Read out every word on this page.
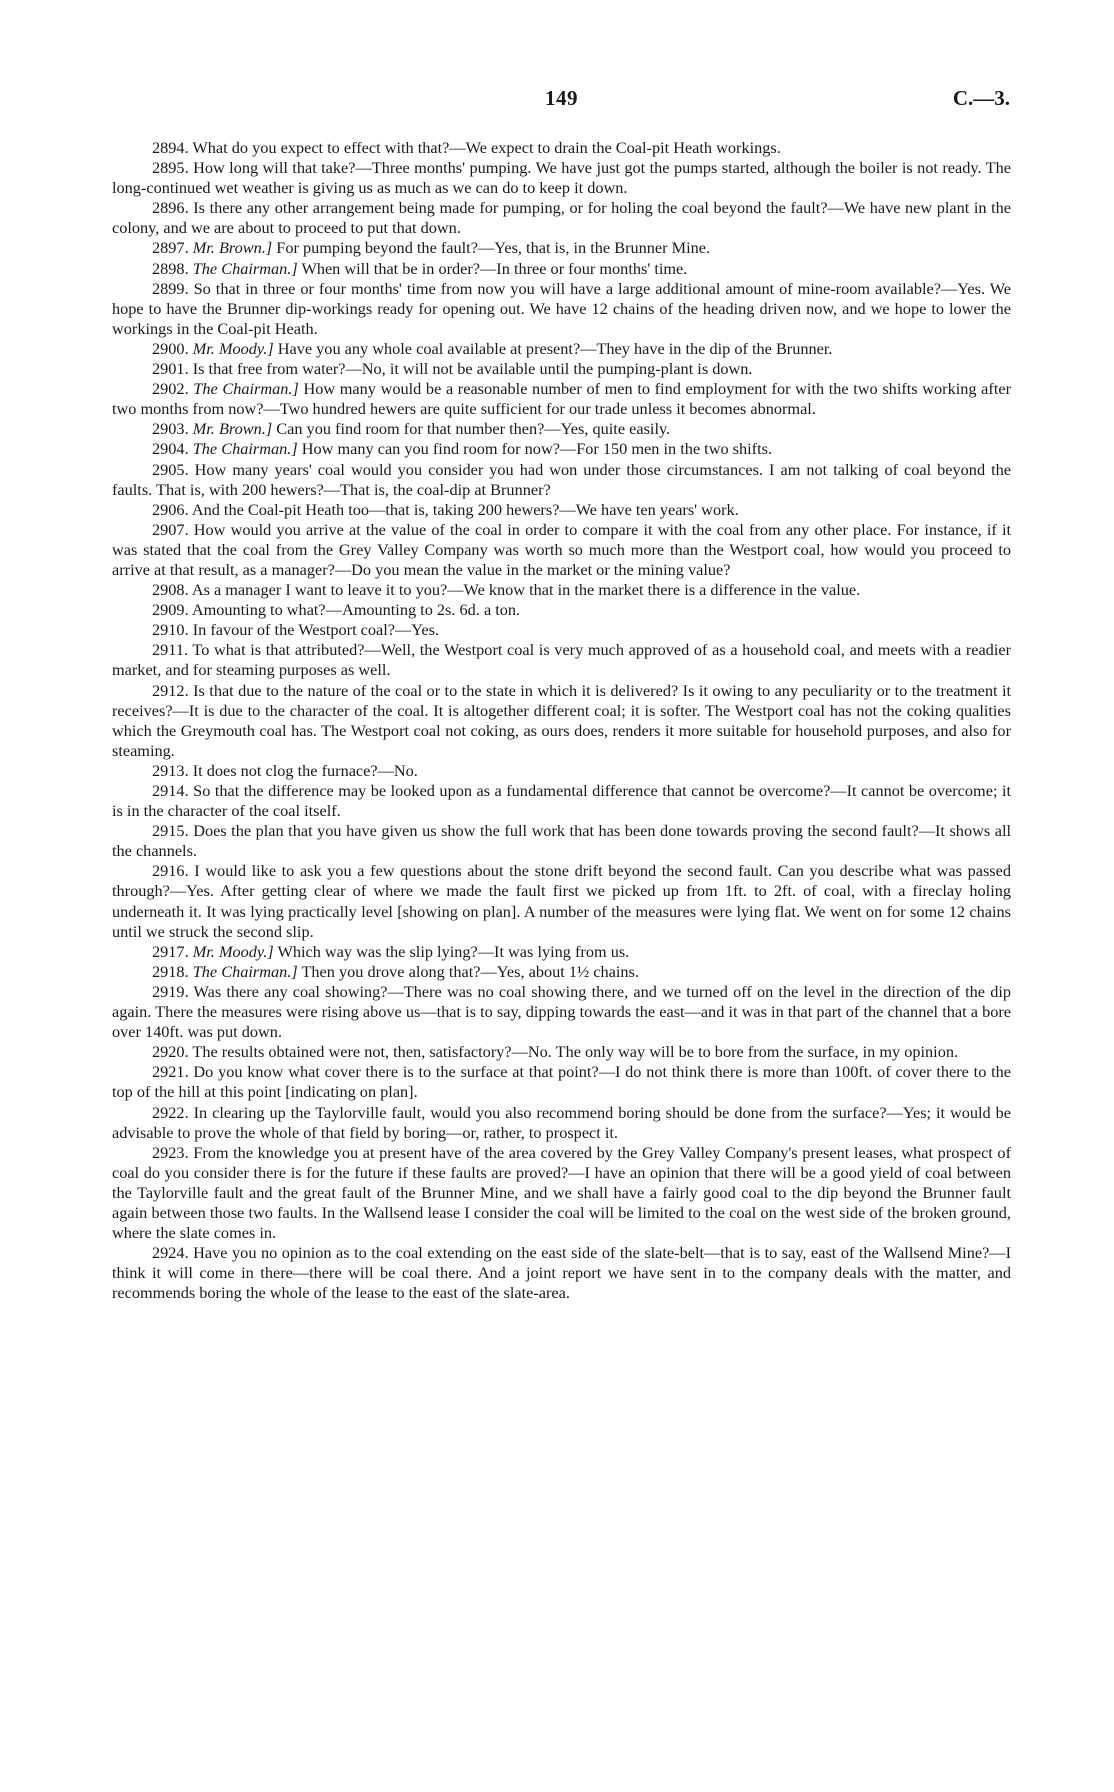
149	C.—3.

2894. What do you expect to effect with that?—We expect to drain the Coal-pit Heath workings.

2895. How long will that take?—Three months' pumping. We have just got the pumps started, although the boiler is not ready. The long-continued wet weather is giving us as much as we can do to keep it down.

2896. Is there any other arrangement being made for pumping, or for holing the coal beyond the fault?—We have new plant in the colony, and we are about to proceed to put that down.

2897. Mr. Brown.] For pumping beyond the fault?—Yes, that is, in the Brunner Mine.

2898. The Chairman.] When will that be in order?—In three or four months' time.

2899. So that in three or four months' time from now you will have a large additional amount of mine-room available?—Yes. We hope to have the Brunner dip-workings ready for opening out. We have 12 chains of the heading driven now, and we hope to lower the workings in the Coal-pit Heath.

2900. Mr. Moody.] Have you any whole coal available at present?—They have in the dip of the Brunner.

2901. Is that free from water?—No, it will not be available until the pumping-plant is down.

2902. The Chairman.] How many would be a reasonable number of men to find employment for with the two shifts working after two months from now?—Two hundred hewers are quite sufficient for our trade unless it becomes abnormal.

2903. Mr. Brown.] Can you find room for that number then?—Yes, quite easily.

2904. The Chairman.] How many can you find room for now?—For 150 men in the two shifts.

2905. How many years' coal would you consider you had won under those circumstances. I am not talking of coal beyond the faults. That is, with 200 hewers?—That is, the coal-dip at Brunner?

2906. And the Coal-pit Heath too—that is, taking 200 hewers?—We have ten years' work.

2907. How would you arrive at the value of the coal in order to compare it with the coal from any other place. For instance, if it was stated that the coal from the Grey Valley Company was worth so much more than the Westport coal, how would you proceed to arrive at that result, as a manager?—Do you mean the value in the market or the mining value?

2908. As a manager I want to leave it to you?—We know that in the market there is a difference in the value.

2909. Amounting to what?—Amounting to 2s. 6d. a ton.

2910. In favour of the Westport coal?—Yes.

2911. To what is that attributed?—Well, the Westport coal is very much approved of as a household coal, and meets with a readier market, and for steaming purposes as well.

2912. Is that due to the nature of the coal or to the state in which it is delivered? Is it owing to any peculiarity or to the treatment it receives?—It is due to the character of the coal. It is altogether different coal; it is softer. The Westport coal has not the coking qualities which the Greymouth coal has. The Westport coal not coking, as ours does, renders it more suitable for household purposes, and also for steaming.

2913. It does not clog the furnace?—No.

2914. So that the difference may be looked upon as a fundamental difference that cannot be overcome?—It cannot be overcome; it is in the character of the coal itself.

2915. Does the plan that you have given us show the full work that has been done towards proving the second fault?—It shows all the channels.

2916. I would like to ask you a few questions about the stone drift beyond the second fault. Can you describe what was passed through?—Yes. After getting clear of where we made the fault first we picked up from 1ft. to 2ft. of coal, with a fireclay holing underneath it. It was lying practically level [showing on plan]. A number of the measures were lying flat. We went on for some 12 chains until we struck the second slip.

2917. Mr. Moody.] Which way was the slip lying?—It was lying from us.

2918. The Chairman.] Then you drove along that?—Yes, about 1½ chains.

2919. Was there any coal showing?—There was no coal showing there, and we turned off on the level in the direction of the dip again. There the measures were rising above us—that is to say, dipping towards the east—and it was in that part of the channel that a bore over 140ft. was put down.

2920. The results obtained were not, then, satisfactory?—No. The only way will be to bore from the surface, in my opinion.

2921. Do you know what cover there is to the surface at that point?—I do not think there is more than 100ft. of cover there to the top of the hill at this point [indicating on plan].

2922. In clearing up the Taylorville fault, would you also recommend boring should be done from the surface?—Yes; it would be advisable to prove the whole of that field by boring—or, rather, to prospect it.

2923. From the knowledge you at present have of the area covered by the Grey Valley Company's present leases, what prospect of coal do you consider there is for the future if these faults are proved?—I have an opinion that there will be a good yield of coal between the Taylorville fault and the great fault of the Brunner Mine, and we shall have a fairly good coal to the dip beyond the Brunner fault again between those two faults. In the Wallsend lease I consider the coal will be limited to the coal on the west side of the broken ground, where the slate comes in.

2924. Have you no opinion as to the coal extending on the east side of the slate-belt—that is to say, east of the Wallsend Mine?—I think it will come in there—there will be coal there. And a joint report we have sent in to the company deals with the matter, and recommends boring the whole of the lease to the east of the slate-area.
